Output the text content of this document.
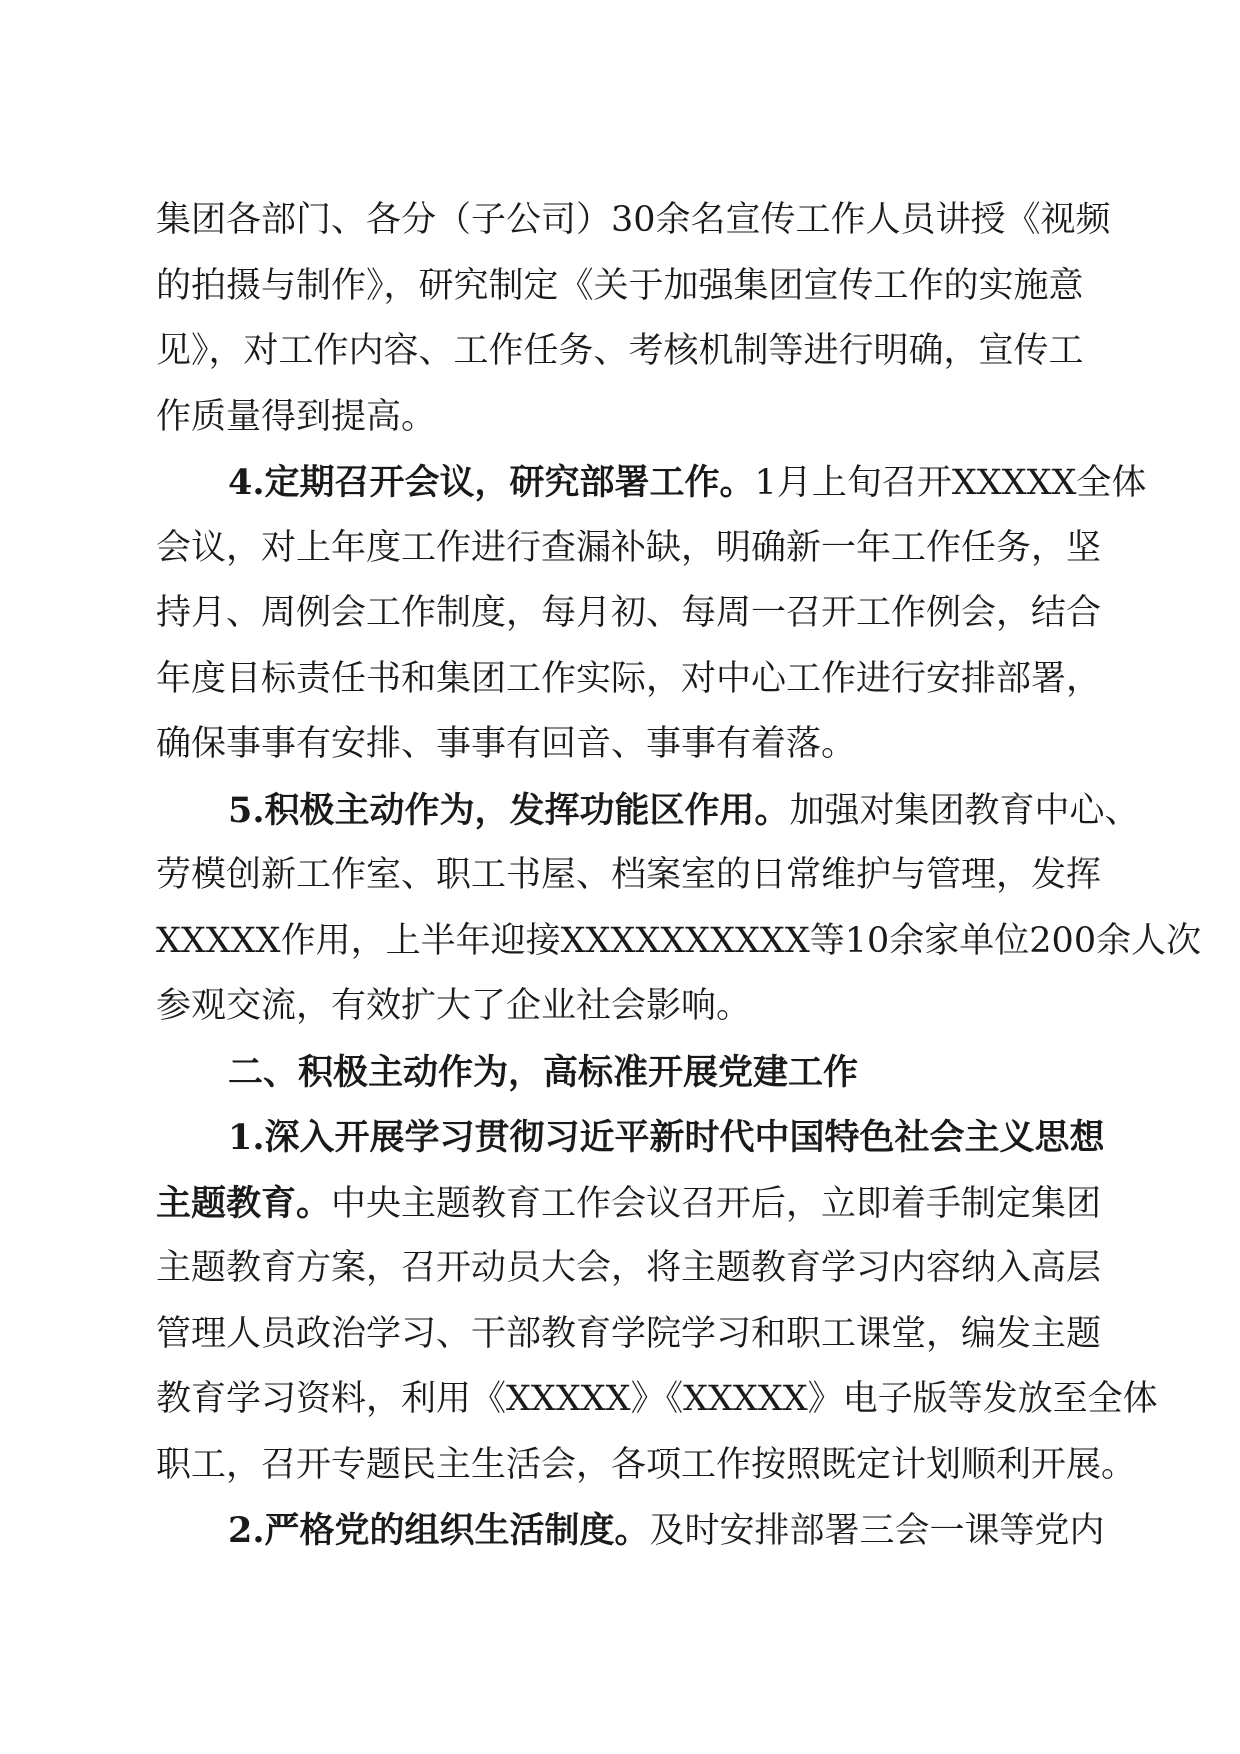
集团各部门、各分（子公司）30余名宣传工作人员讲授《视频
的拍摄与制作》，研究制定《关于加强集团宣传工作的实施意
见》，对工作内容、工作任务、考核机制等进行明确，宣传工
作质量得到提高。
4.定期召开会议，研究部署工作。1月上旬召开XXXXX全体
会议，对上年度工作进行查漏补缺，明确新一年工作任务，坚
持月、周例会工作制度，每月初、每周一召开工作例会，结合
年度目标责任书和集团工作实际，对中心工作进行安排部署，
确保事事有安排、事事有回音、事事有着落。
5.积极主动作为，发挥功能区作用。加强对集团教育中心、
劳模创新工作室、职工书屋、档案室的日常维护与管理，发挥
XXXXX作用，上半年迎接XXXXXXXXXX等10余家单位200余人次
参观交流，有效扩大了企业社会影响。
二、积极主动作为，高标准开展党建工作
1.深入开展学习贯彻习近平新时代中国特色社会主义思想
主题教育。中央主题教育工作会议召开后，立即着手制定集团
主题教育方案，召开动员大会，将主题教育学习内容纳入高层
管理人员政治学习、干部教育学院学习和职工课堂，编发主题
教育学习资料，利用《XXXXX》《XXXXX》电子版等发放至全体
职工，召开专题民主生活会，各项工作按照既定计划顺利开展。
2.严格党的组织生活制度。及时安排部署三会一课等党内
